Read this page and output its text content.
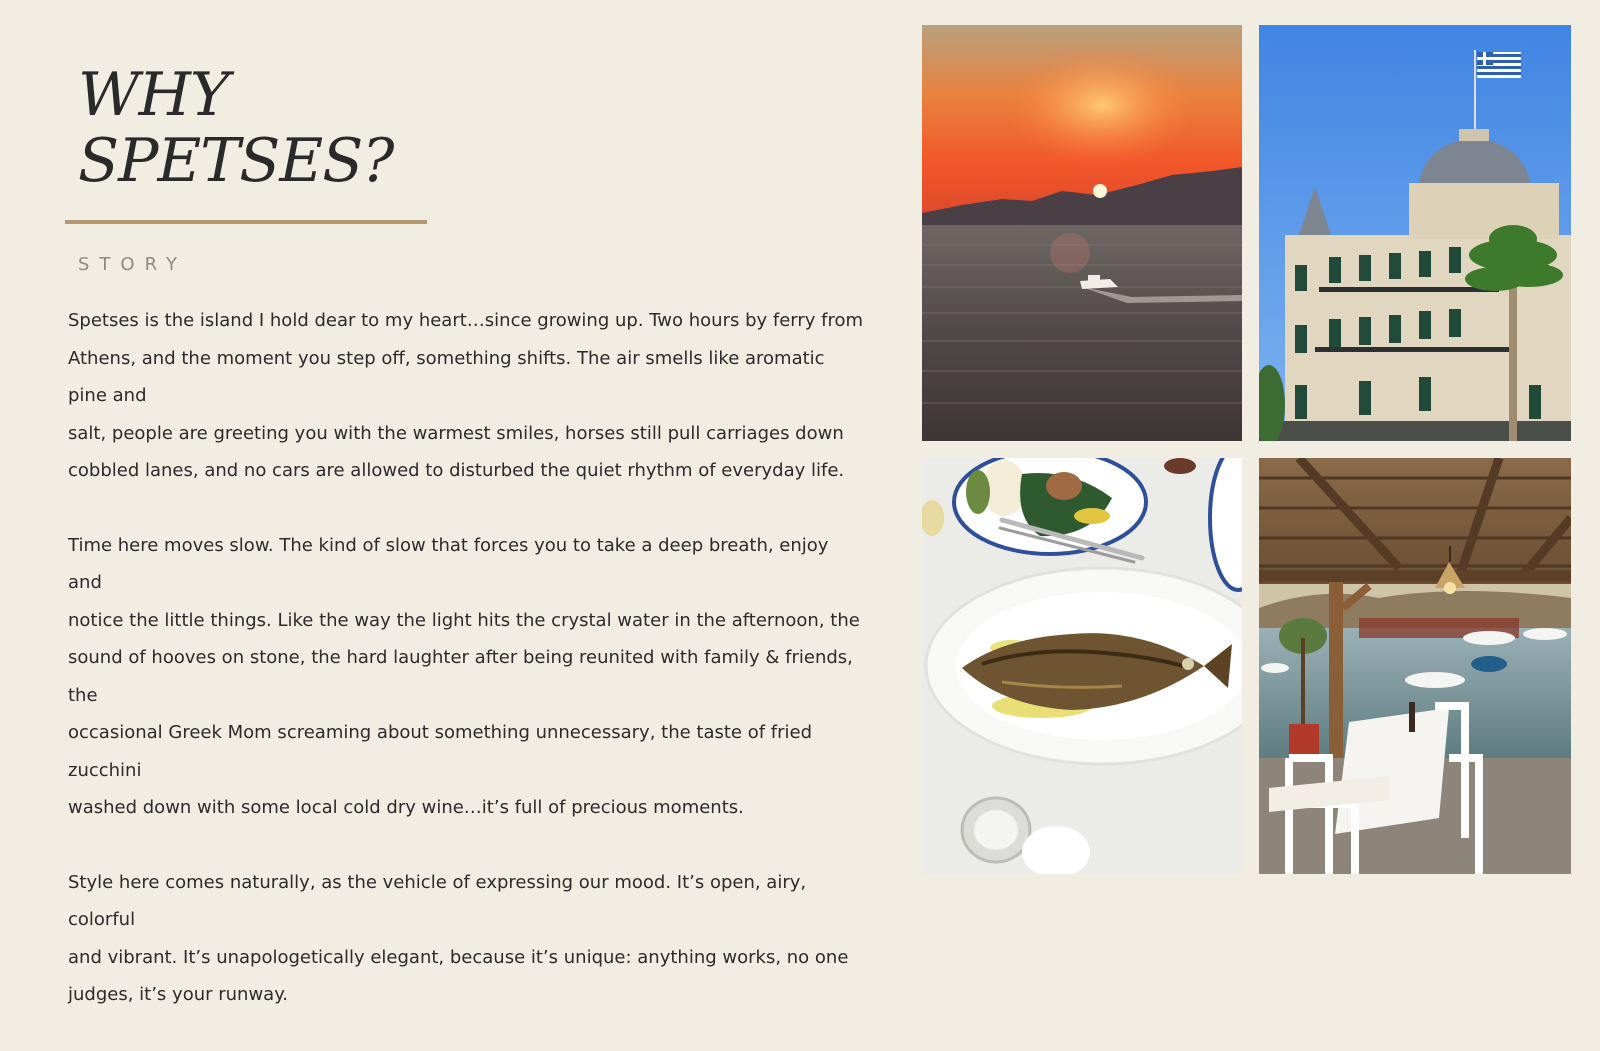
WHY
SPETSES?
STORY

Spetses is the island I hold dear to my heart…since growing up. Two hours by ferry from
Athens, and the moment you step off, something shifts. The air smells like aromatic pine and
salt, people are greeting you with the warmest smiles, horses still pull carriages down
cobbled lanes, and no cars are allowed to disturbed the quiet rhythm of everyday life.

Time here moves slow. The kind of slow that forces you to take a deep breath, enjoy and
notice the little things. Like the way the light hits the crystal water in the afternoon, the
sound of hooves on stone, the hard laughter after being reunited with family & friends, the
occasional Greek Mom screaming about something unnecessary, the taste of fried zucchini
washed down with some local cold dry wine…it’s full of precious moments.

Style here comes naturally, as the vehicle of expressing our mood. It’s open, airy, colorful
and vibrant. It’s unapologetically elegant, because it’s unique: anything works, no one
judges, it’s your runway.
